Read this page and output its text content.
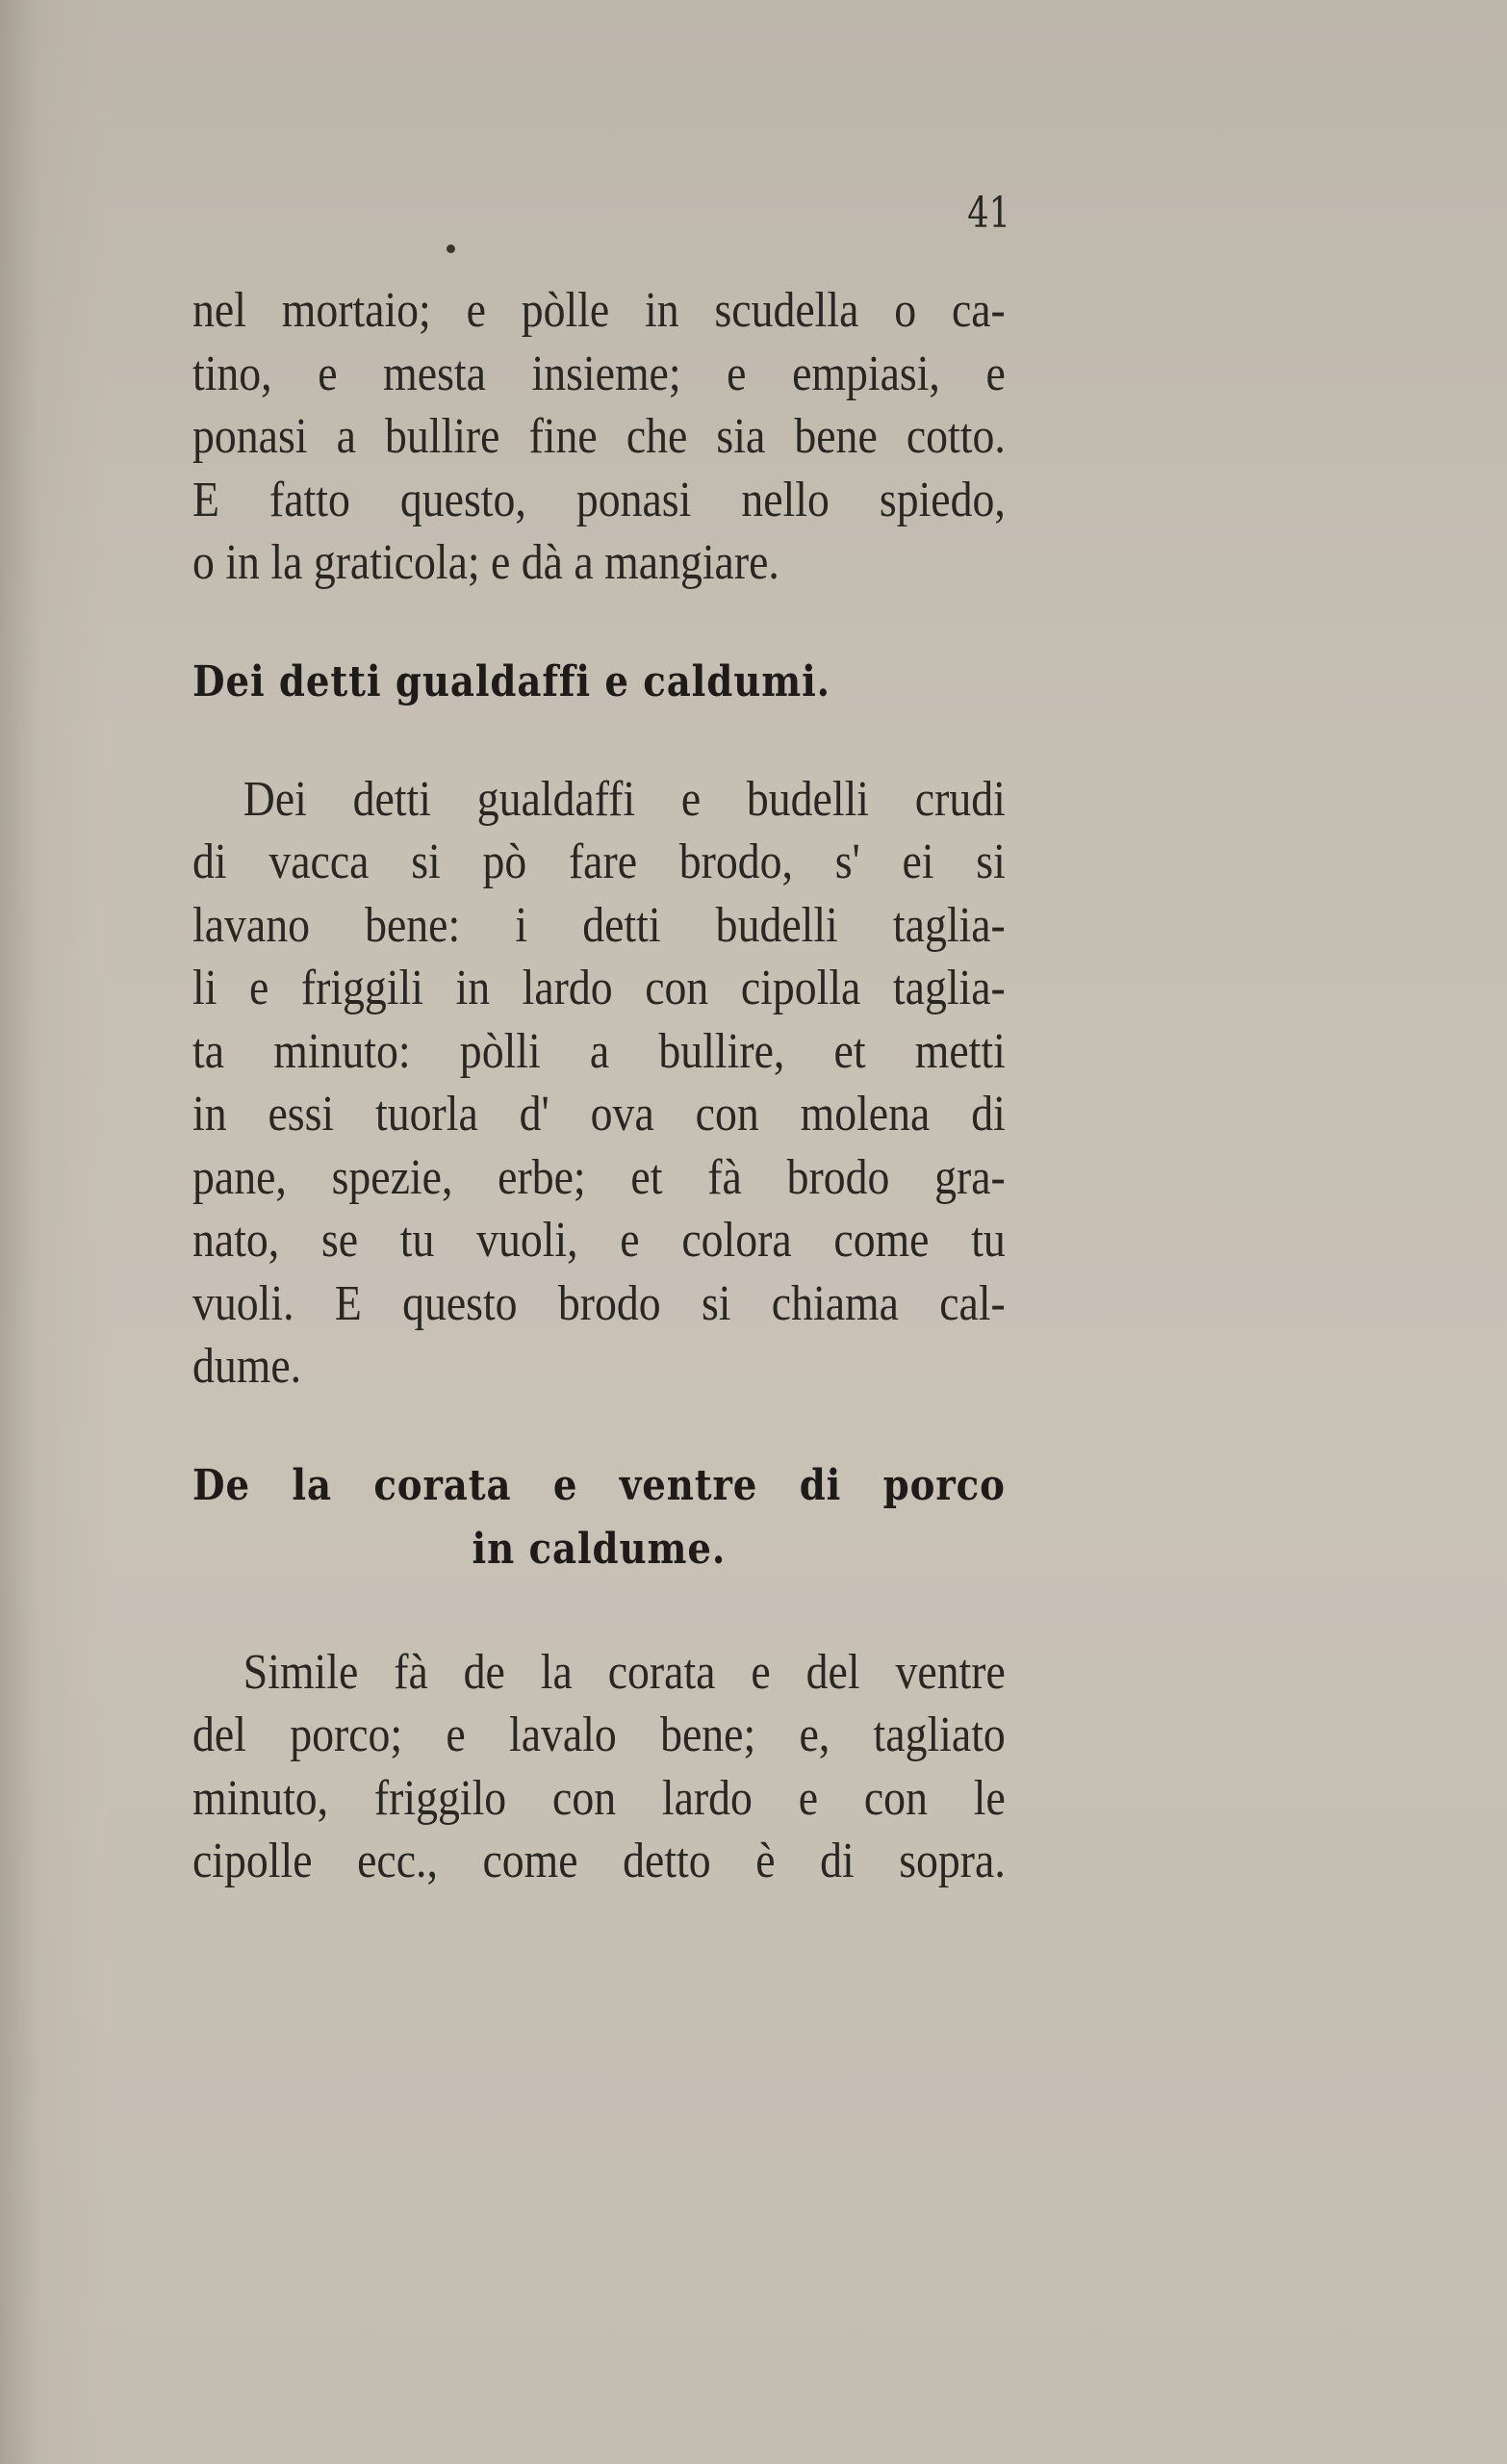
41
nel mortaio; e pòlle in scudella o ca-
tino, e mesta insieme; e empiasi, e
ponasi a bullire fine che sia bene cotto.
E fatto questo, ponasi nello spiedo,
o in la graticola; e dà a mangiare.
Dei detti gualdaffi e caldumi.
Dei detti gualdaffi e budelli crudi
di vacca si pò fare brodo, s' ei si
lavano bene: i detti budelli taglia-
li e friggili in lardo con cipolla taglia-
ta minuto: pòlli a bullire, et metti
in essi tuorla d' ova con molena di
pane, spezie, erbe; et fà brodo gra-
nato, se tu vuoli, e colora come tu
vuoli. E questo brodo si chiama cal-
dume.
De la corata e ventre di porco
in caldume.
Simile fà de la corata e del ventre
del porco; e lavalo bene; e, tagliato
minuto, friggilo con lardo e con le
cipolle ecc., come detto è di sopra.
